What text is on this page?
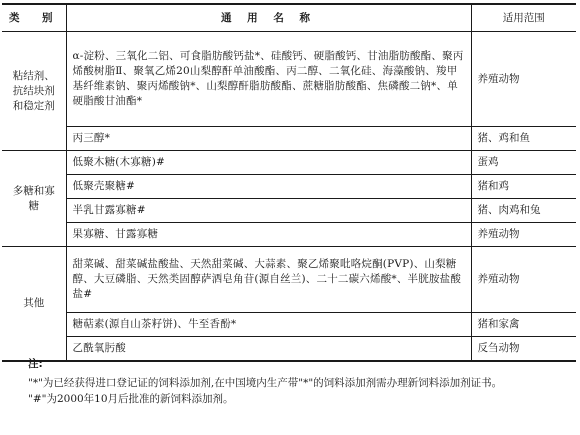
类　别	通 用 名 称	适用范围
粘结剂、抗结块剂和稳定剂	α-淀粉、三氧化二铝、可食脂肪酸钙盐*、硅酸钙、硬脂酸钙、甘油脂肪酸酯、聚丙烯酸树脂Ⅱ、聚氧乙烯20山梨醇酐单油酸酯、丙二醇、二氧化硅、海藻酸钠、羧甲基纤维素钠、聚丙烯酸钠*、山梨醇酐脂肪酸酯、蔗糖脂肪酸酯、焦磷酸二钠*、单硬脂酸甘油酯*	养殖动物
	丙三醇*	猪、鸡和鱼
多糖和寡糖	低聚木糖(木寡糖)#	蛋鸡
	低聚壳聚糖#	猪和鸡
	半乳甘露寡糖#	猪、肉鸡和兔
	果寡糖、甘露寡糖	养殖动物
其他	甜菜碱、甜菜碱盐酸盐、天然甜菜碱、大蒜素、聚乙烯聚吡咯烷酮(PVP)、山梨糖醇、大豆磷脂、天然类固醇萨洒皂角苷(源自丝兰)、二十二碳六烯酸*、半胱胺盐酸盐#	养殖动物
	糖萜素(源自山茶籽饼)、牛至香酚*	猪和家禽
	乙酰氧肟酸	反刍动物
注:

"*"为已经获得进口登记证的饲料添加剂,在中国境内生产带"*"的饲料添加剂需办理新饲料添加剂证书。

"#"为2000年10月后批准的新饲料添加剂。
